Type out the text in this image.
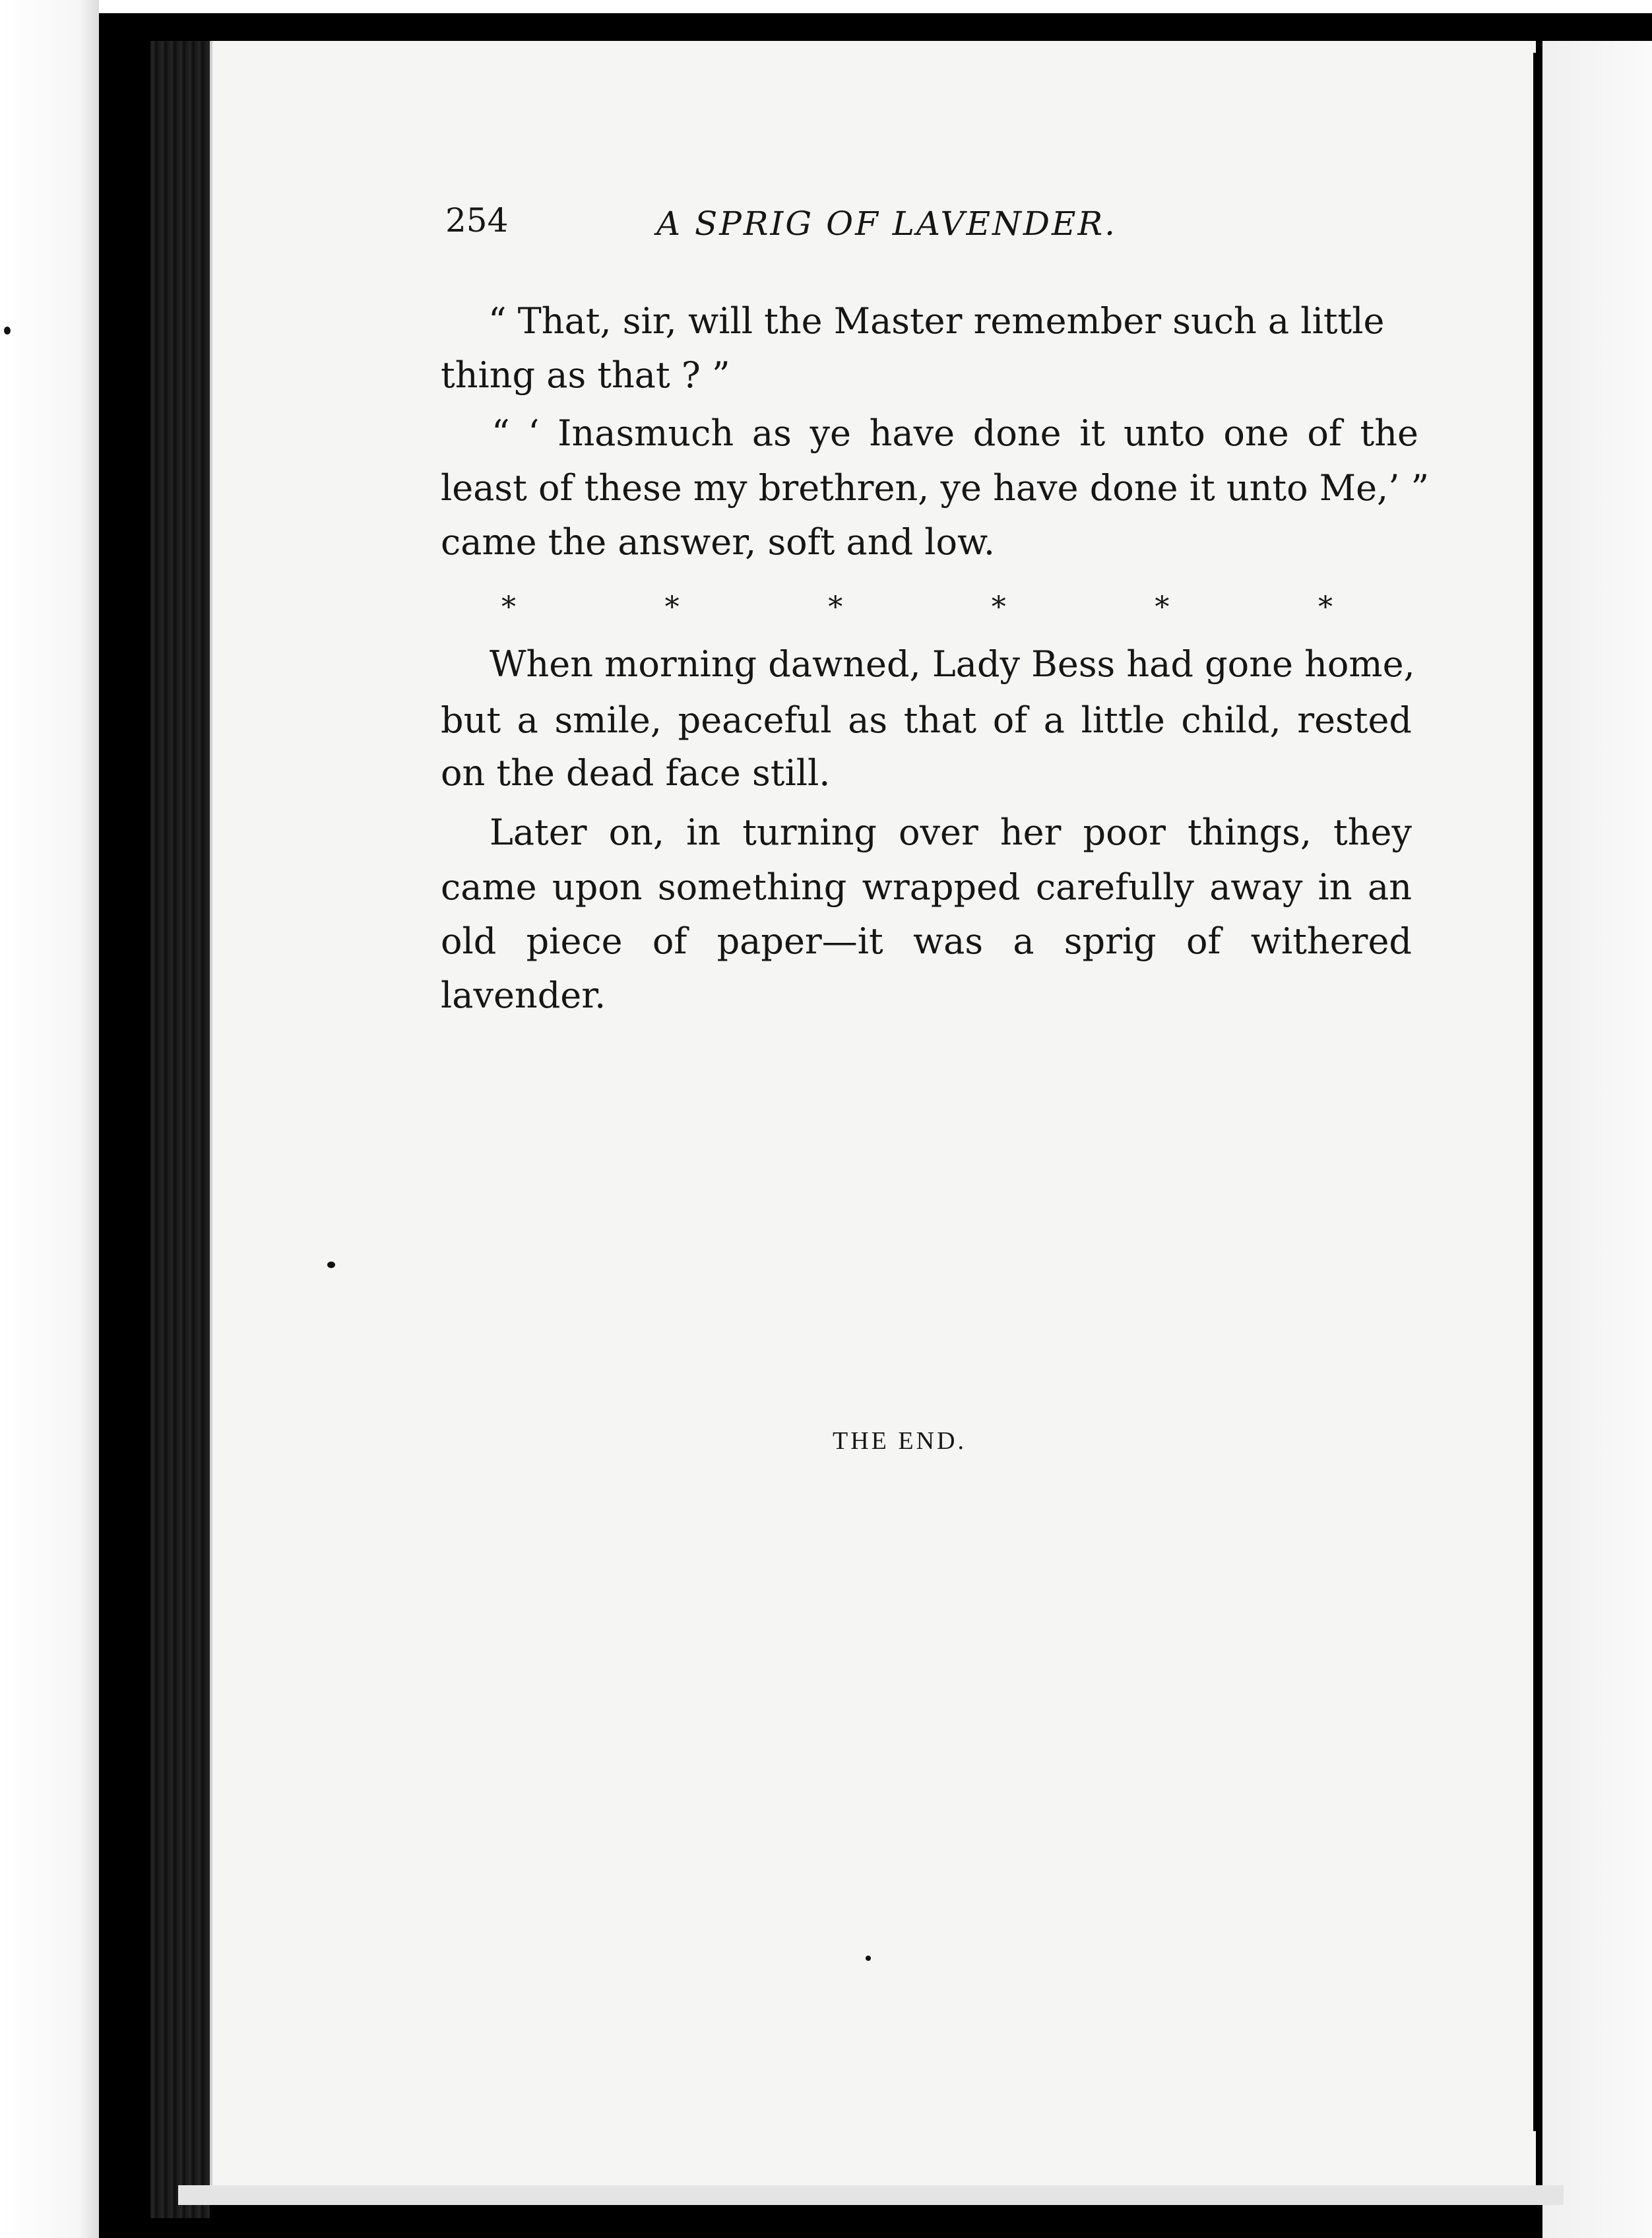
254	A SPRIG OF LAVENDER.
“ That, sir, will the Master remember such a little
thing as that ? ”
“ ‘ Inasmuch as ye have done it unto one of the
least of these my brethren, ye have done it unto Me,’ ”
came the answer, soft and low.
*	*	*	*	*	*
When morning dawned, Lady Bess had gone home,
but a smile, peaceful as that of a little child, rested
on the dead face still.
Later on, in turning over her poor things, they
came upon something wrapped carefully away in an
old piece of paper—it was a sprig of withered
lavender.
THE END.
